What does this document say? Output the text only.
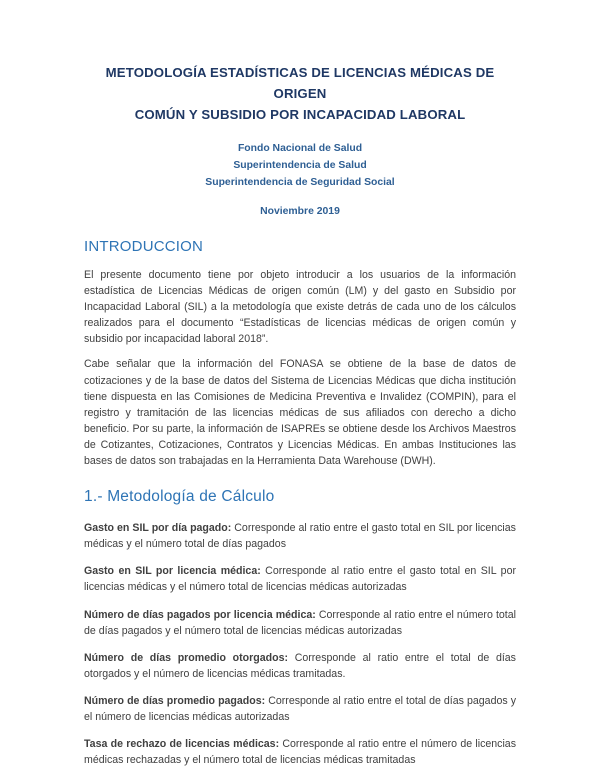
METODOLOGÍA ESTADÍSTICAS DE LICENCIAS MÉDICAS DE ORIGEN
COMÚN Y SUBSIDIO POR INCAPACIDAD LABORAL
Fondo Nacional de Salud
Superintendencia de Salud
Superintendencia de Seguridad Social
Noviembre 2019
INTRODUCCION

El presente documento tiene por objeto introducir a los usuarios de la información estadística de Licencias Médicas de origen común (LM) y del gasto en Subsidio por Incapacidad Laboral (SIL) a la metodología que existe detrás de cada uno de los cálculos realizados para el documento “Estadísticas de licencias médicas de origen común y subsidio por incapacidad laboral 2018”.

Cabe señalar que la información del FONASA se obtiene de la base de datos de cotizaciones y de la base de datos del Sistema de Licencias Médicas que dicha institución tiene dispuesta en las Comisiones de Medicina Preventiva e Invalidez (COMPIN), para el registro y tramitación de las licencias médicas de sus afiliados con derecho a dicho beneficio. Por su parte, la información de ISAPREs se obtiene desde los Archivos Maestros de Cotizantes, Cotizaciones, Contratos y Licencias Médicas. En ambas Instituciones las bases de datos son trabajadas en la Herramienta Data Warehouse (DWH).

1.- Metodología de Cálculo

Gasto en SIL por día pagado: Corresponde al ratio entre el gasto total en SIL por licencias médicas y el número total de días pagados

Gasto en SIL por licencia médica: Corresponde al ratio entre el gasto total en SIL por licencias médicas y el número total de licencias médicas autorizadas

Número de días pagados por licencia médica: Corresponde al ratio entre el número total de días pagados y el número total de licencias médicas autorizadas

Número de días promedio otorgados: Corresponde al ratio entre el total de días otorgados y el número de licencias médicas tramitadas.

Número de días promedio pagados: Corresponde al ratio entre el total de días pagados y el número de licencias médicas autorizadas

Tasa de rechazo de licencias médicas: Corresponde al ratio entre el número de licencias médicas rechazadas y el número total de licencias médicas tramitadas
